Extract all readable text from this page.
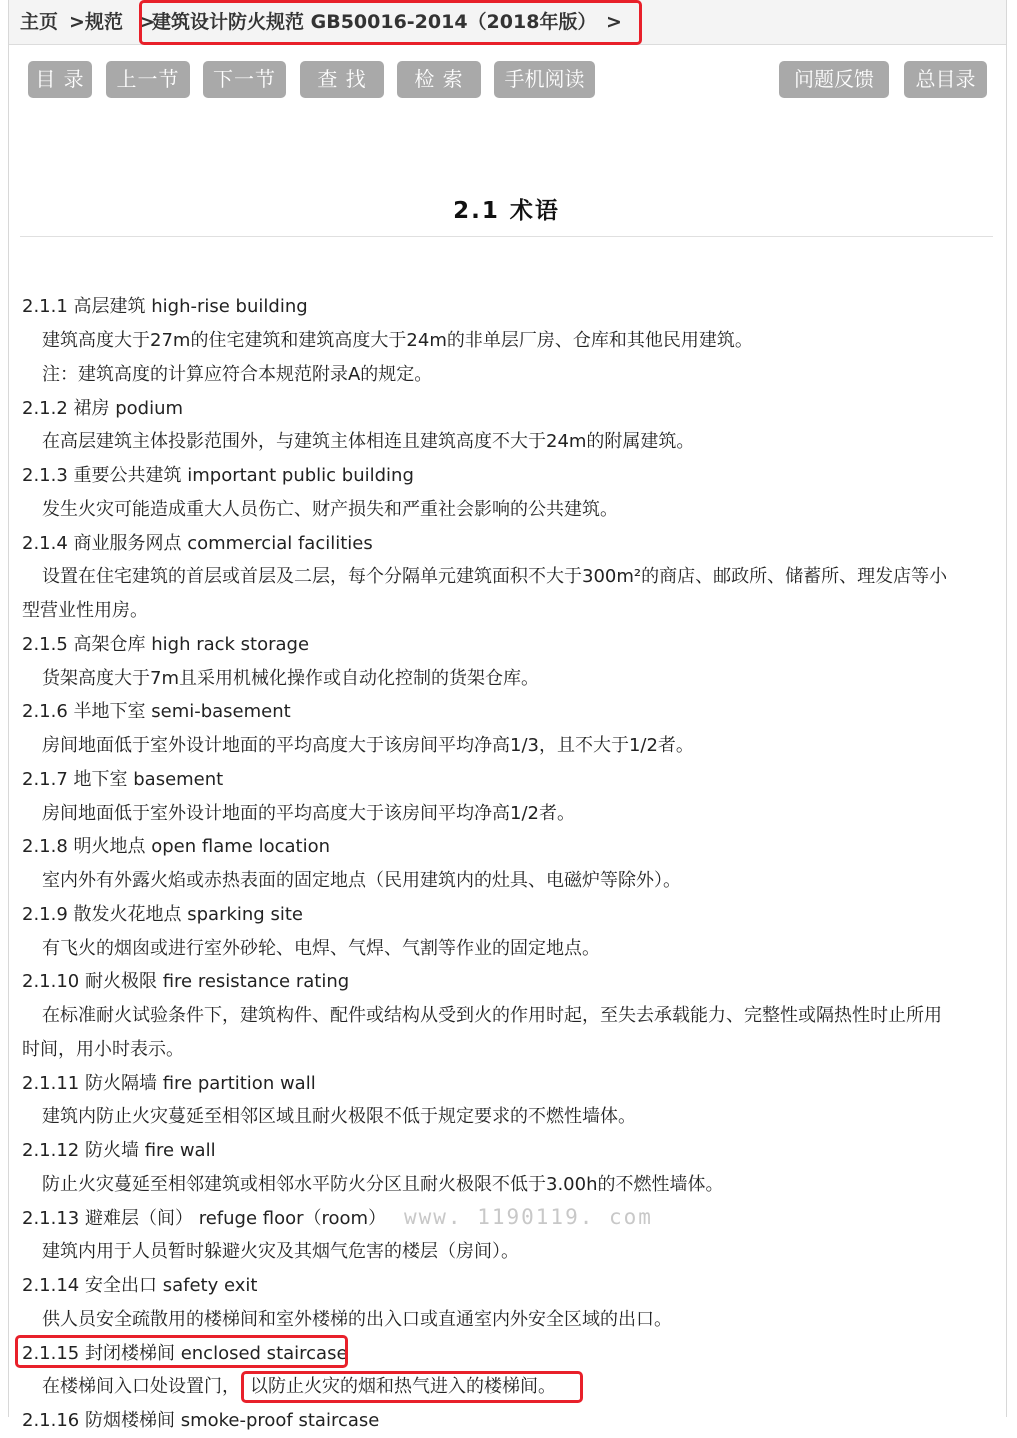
主页 > 规范 >
建筑设计防火规范 GB50016-2014（2018年版） >
目 录	上一节	下一节	查 找	检 索	手机阅读	问题反馈	总目录
2.1 术语
2.1.1 高层建筑 high-rise building
建筑高度大于27m的住宅建筑和建筑高度大于24m的非单层厂房、仓库和其他民用建筑。
注：建筑高度的计算应符合本规范附录A的规定。
2.1.2 裙房 podium
在高层建筑主体投影范围外，与建筑主体相连且建筑高度不大于24m的附属建筑。
2.1.3 重要公共建筑 important public building
发生火灾可能造成重大人员伤亡、财产损失和严重社会影响的公共建筑。
2.1.4 商业服务网点 commercial facilities
设置在住宅建筑的首层或首层及二层，每个分隔单元建筑面积不大于300m²的商店、邮政所、储蓄所、理发店等小
型营业性用房。
2.1.5 高架仓库 high rack storage
货架高度大于7m且采用机械化操作或自动化控制的货架仓库。
2.1.6 半地下室 semi-basement
房间地面低于室外设计地面的平均高度大于该房间平均净高1/3，且不大于1/2者。
2.1.7 地下室 basement
房间地面低于室外设计地面的平均高度大于该房间平均净高1/2者。
2.1.8 明火地点 open flame location
室内外有外露火焰或赤热表面的固定地点（民用建筑内的灶具、电磁炉等除外）。
2.1.9 散发火花地点 sparking site
有飞火的烟囱或进行室外砂轮、电焊、气焊、气割等作业的固定地点。
2.1.10 耐火极限 fire resistance rating
在标准耐火试验条件下，建筑构件、配件或结构从受到火的作用时起，至失去承载能力、完整性或隔热性时止所用
时间，用小时表示。
2.1.11 防火隔墙 fire partition wall
建筑内防止火灾蔓延至相邻区域且耐火极限不低于规定要求的不燃性墙体。
2.1.12 防火墙 fire wall
防止火灾蔓延至相邻建筑或相邻水平防火分区且耐火极限不低于3.00h的不燃性墙体。
2.1.13 避难层（间） refuge floor（room） www. 1190119. com
建筑内用于人员暂时躲避火灾及其烟气危害的楼层（房间）。
2.1.14 安全出口 safety exit
供人员安全疏散用的楼梯间和室外楼梯的出入口或直通室内外安全区域的出口。
2.1.15 封闭楼梯间 enclosed staircase
在楼梯间入口处设置门， 以防止火灾的烟和热气进入的楼梯间。
2.1.16 防烟楼梯间 smoke-proof staircase
